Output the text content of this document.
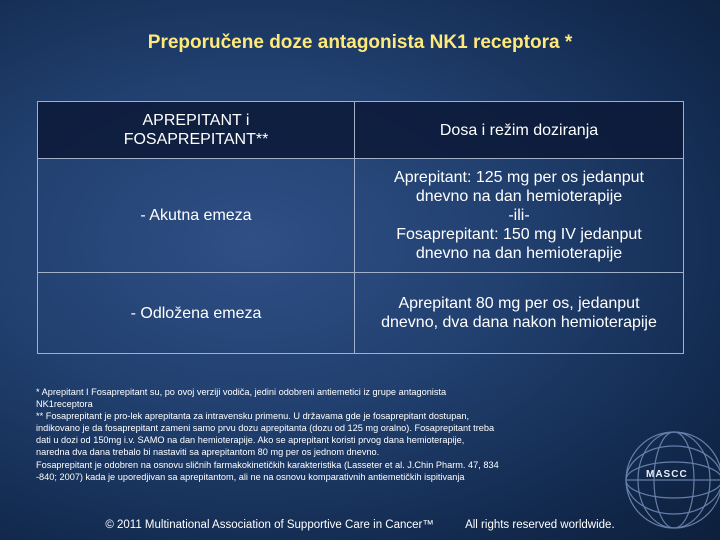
Preporučene doze antagonista NK1 receptora *
APREPITANT i
FOSAPREPITANT**
Dosa i režim doziranja
- Akutna emeza
Aprepitant: 125 mg per os jedanput
dnevno na dan hemioterapije
-ili-
Fosaprepitant: 150 mg IV jedanput
dnevno na dan hemioterapije
- Odložena emeza
Aprepitant 80 mg per os, jedanput
dnevno, dva dana nakon hemioterapije
* Aprepitant I Fosaprepitant su, po ovoj verziji vodiča, jedini odobreni antiemetici iz grupe antagonista
NK1receptora
** Fosaprepitant je pro-lek aprepitanta za intravensku primenu. U državama gde je fosaprepitant dostupan,
indikovano je da fosaprepitant zameni samo prvu dozu aprepitanta (dozu od 125 mg oralno). Fosaprepitant treba
dati u dozi od 150mg i.v. SAMO na dan hemioterapije. Ako se aprepitant koristi prvog dana hemioterapije,
naredna dva dana trebalo bi nastaviti sa aprepitantom 80 mg per os jednom dnevno.
Fosaprepitant je odobren na osnovu sličnih farmakokinetičkih karakteristika (Lasseter et al. J.Chin Pharm. 47, 834
-840; 2007) kada je uporedjivan sa aprepitantom, ali ne na osnovu komparativnih antiemetičkih ispitivanja	MASCC
© 2011 Multinational Association of Supportive Care in Cancer™	All rights reserved worldwide.
